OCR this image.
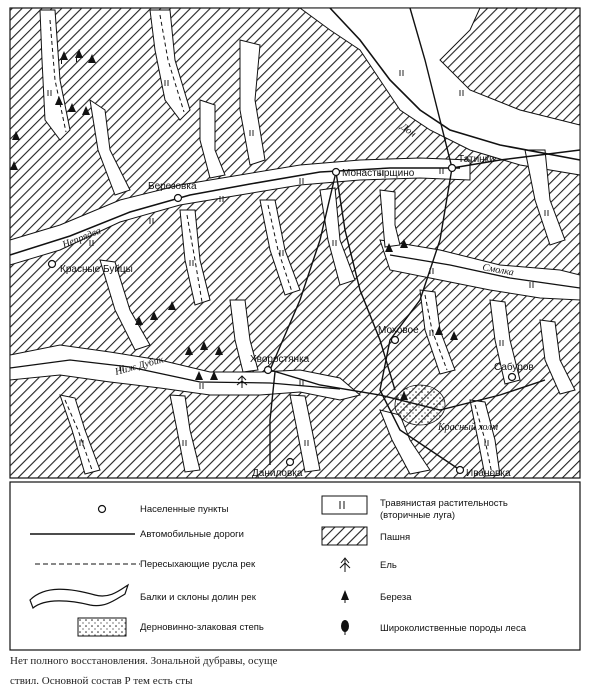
Татинки
Монастырщино
Березовка
Красные Буйцы
Хворостянка
Моховое
Сабуров
Даниловка	Ивановка
Дон
Непрядва
Смолка
Ниж.Дубик
Красный холм
Населенные пункты
Автомобильные дороги
Пересыхающие русла рек
Балки и склоны долин рек
Дерновинно-злаковая степь
Травянистая растительность
(вторичные луга)
Пашня
Ель
Береза
Широколиственные породы леса
Нет полного восстановления. Зональной дубравы, осуще
ствил. Основной состав Р тем есть сты
